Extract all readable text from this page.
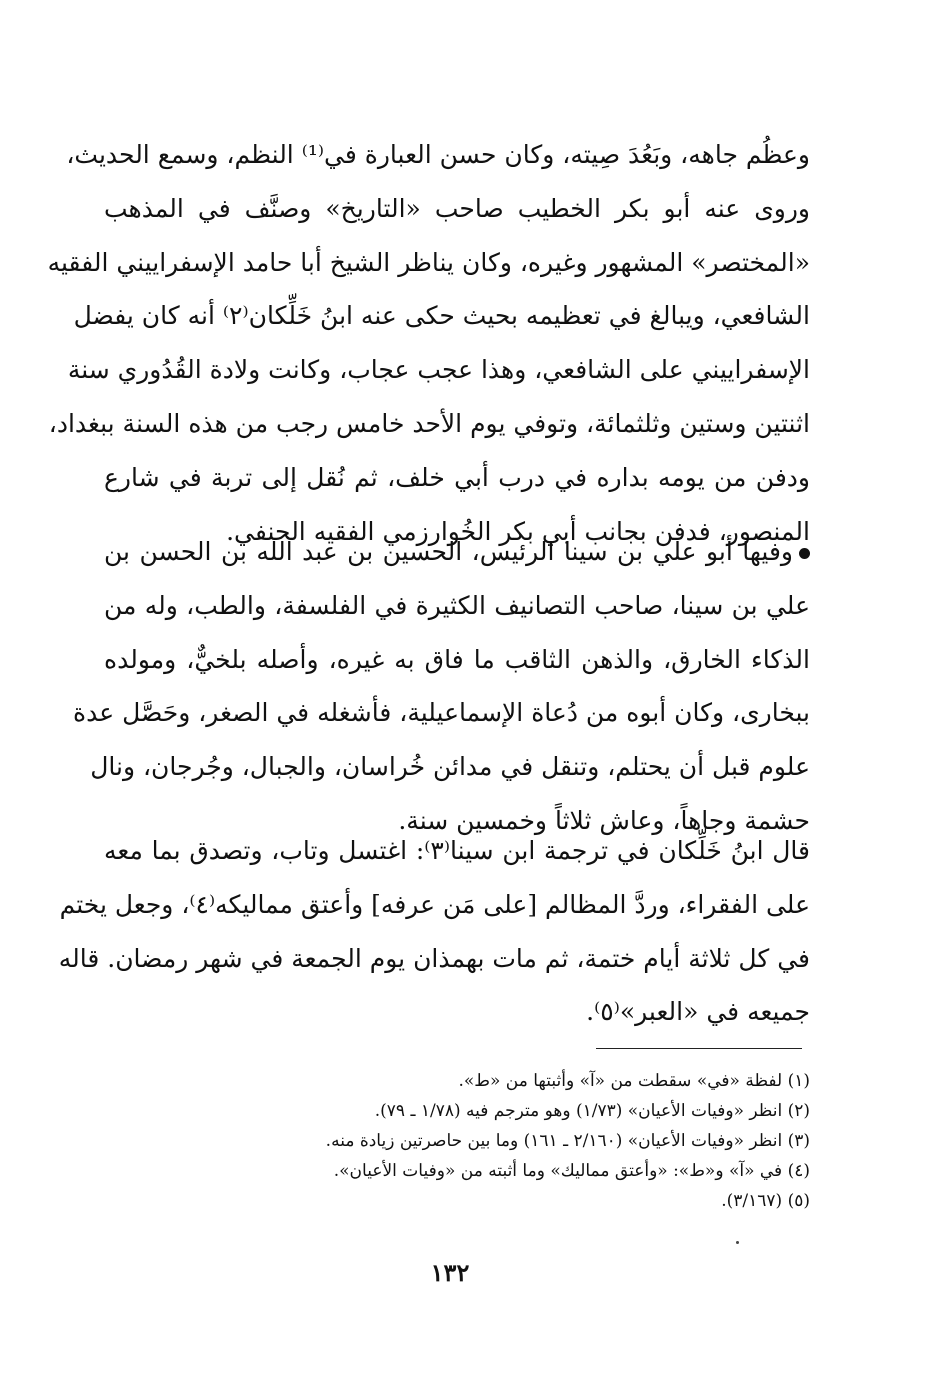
وعظُم جاهه، وبَعُدَ صِيته، وكان حسن العبارة في⁽¹⁾ النظم، وسمع الحديث،
وروى عنه أبو بكر الخطيب صاحب «التاريخ» وصنَّف في المذهب
«المختصر» المشهور وغيره، وكان يناظر الشيخ أبا حامد الإسفراييني الفقيه
الشافعي، ويبالغ في تعظيمه بحيث حكى عنه ابنُ خَلِّكان⁽٢⁾ أنه كان يفضل
الإسفراييني على الشافعي، وهذا عجب عجاب، وكانت ولادة القُدُوري سنة
اثنتين وستين وثلثمائة، وتوفي يوم الأحد خامس رجب من هذه السنة ببغداد،
ودفن من يومه بداره في درب أبي خلف، ثم نُقل إلى تربة في شارع
المنصور، فدفن بجانب أبي بكر الخُوارزمي الفقيه الحنفي.
وفيها أبو علي بن سينا الرئيس، الحسين بن عبد الله بن الحسن بن
علي بن سينا، صاحب التصانيف الكثيرة في الفلسفة، والطب، وله من
الذكاء الخارق، والذهن الثاقب ما فاق به غيره، وأصله بلخيٌّ، ومولده
ببخارى، وكان أبوه من دُعاة الإسماعيلية، فأشغله في الصغر، وحَصَّل عدة
علوم قبل أن يحتلم، وتنقل في مدائن خُراسان، والجبال، وجُرجان، ونال
حشمة وجاهاً، وعاش ثلاثاً وخمسين سنة.
قال ابنُ خَلِّكان في ترجمة ابن سينا⁽٣⁾: اغتسل وتاب، وتصدق بما معه
على الفقراء، وردَّ المظالم [على مَن عرفه] وأعتق مماليكه⁽٤⁾، وجعل يختم
في كل ثلاثة أيام ختمة، ثم مات بهمذان يوم الجمعة في شهر رمضان. قاله
جميعه في «العبر»⁽٥⁾.
(١) لفظة «في» سقطت من «آ» وأثبتها من «ط».
(٢) انظر «وفيات الأعيان» (١/٧٣) وهو مترجم فيه (١/٧٨ ـ ٧٩).
(٣) انظر «وفيات الأعيان» (٢/١٦٠ ـ ١٦١) وما بين حاصرتين زيادة منه.
(٤) في «آ» و«ط»: «وأعتق مماليك» وما أثبته من «وفيات الأعيان».
(٥) (٣/١٦٧).
١٣٢
